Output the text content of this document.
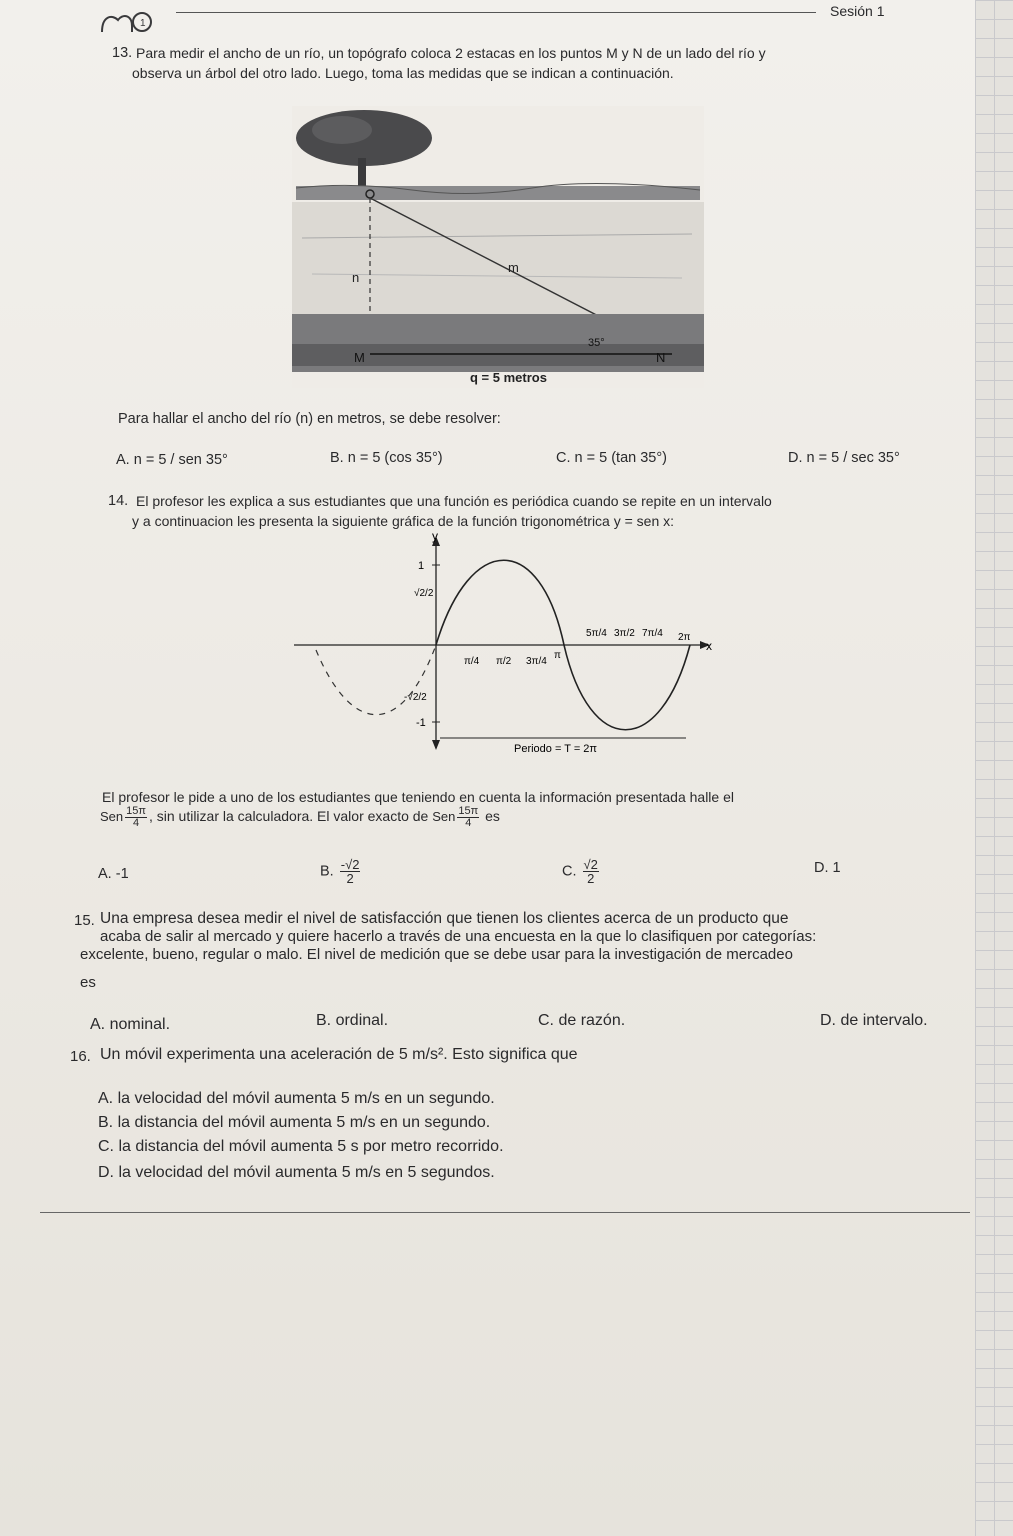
1
Sesión 1
13. Para medir el ancho de un río, un topógrafo coloca 2 estacas en los puntos M y N de un lado del río y
observa un árbol del otro lado. Luego, toma las medidas que se indican a continuación.
m
n
M	N
35°
q = 5 metros
Para hallar el ancho del río (n) en metros, se debe resolver:
A. n = 5 / sen 35°	B. n = 5 (cos 35°)	C. n = 5 (tan 35°)	D. n = 5 / sec 35°
14. El profesor les explica a sus estudiantes que una función es periódica cuando se repite en un intervalo
y a continuacion les presenta la siguiente gráfica de la función trigonométrica y = sen x:
y
x
1
√2/2
-√2/2
-1
π/4 π/2 3π/4
π
5π/4 3π/2 7π/4 2π
Periodo = T = 2π
El profesor le pide a uno de los estudiantes que teniendo en cuenta la información presentada halle el
Sen $\frac{15\pi}{4}$ , sin utilizar la calculadora. El valor exacto de Sen $\frac{15\pi}{4}$ es
A. -1	B. $\frac{-√2}{2}$	C. $\frac{√2}{2}$	D. 1
15. Una empresa desea medir el nivel de satisfacción que tienen los clientes acerca de un producto que
acaba de salir al mercado y quiere hacerlo a través de una encuesta en la que lo clasifiquen por categorías:
excelente, bueno, regular o malo. El nivel de medición que se debe usar para la investigación de mercadeo
es
A. nominal.	B. ordinal.	C. de razón.	D. de intervalo.
16. Un móvil experimenta una aceleración de 5 m/s². Esto significa que
A. la velocidad del móvil aumenta 5 m/s en un segundo.
B. la distancia del móvil aumenta 5 m/s en un segundo.
C. la distancia del móvil aumenta 5 s por metro recorrido.
D. la velocidad del móvil aumenta 5 m/s en 5 segundos.
